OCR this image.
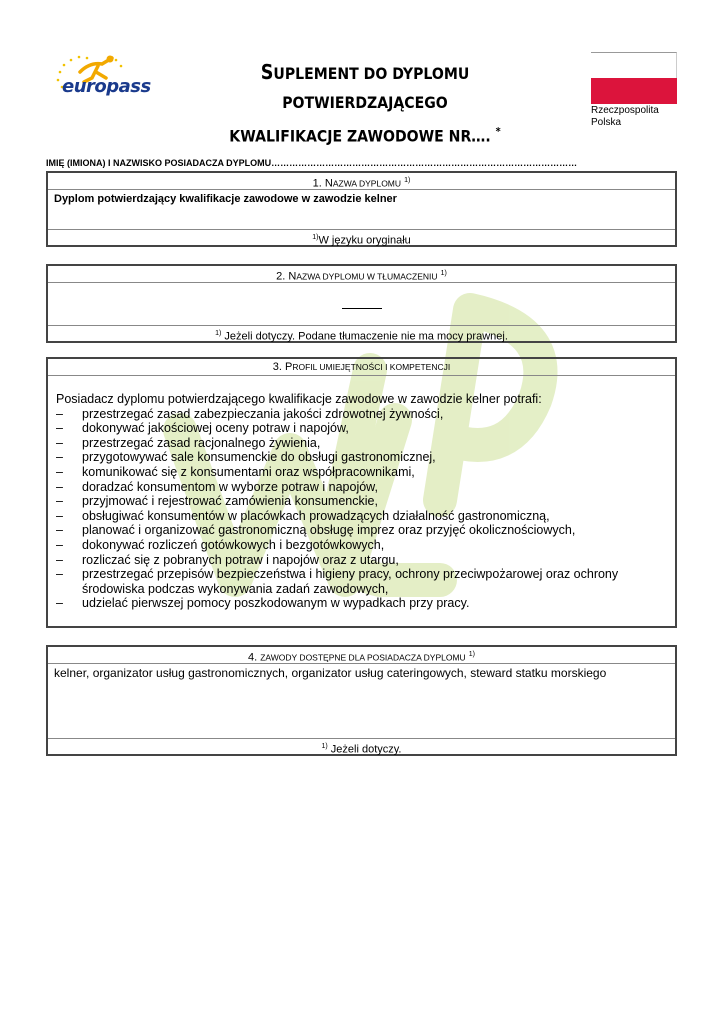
europass
SUPLEMENT DO DYPLOMU POTWIERDZAJĄCEGO
KWALIFIKACJE ZAWODOWE NR…. *
Rzeczpospolita
Polska
IMIĘ (IMIONA) I NAZWISKO POSIADACZA DYPLOMU…………………………………………………………………………………………
1. NAZWA DYPLOMU $^{1)}$
Dyplom potwierdzający kwalifikacje zawodowe w zawodzie kelner
$^{1)}$W języku oryginału
2. NAZWA DYPLOMU W TŁUMACZENIU $^{1)}$
$^{1)}$ Jeżeli dotyczy. Podane tłumaczenie nie ma mocy prawnej.
3. PROFIL UMIEJĘTNOŚCI I KOMPETENCJI
Posiadacz dyplomu potwierdzającego kwalifikacje zawodowe w zawodzie kelner potrafi:
– przestrzegać zasad zabezpieczania jakości zdrowotnej żywności,
– dokonywać jakościowej oceny potraw i napojów,
– przestrzegać zasad racjonalnego żywienia,
– przygotowywać sale konsumenckie do obsługi gastronomicznej,
– komunikować się z konsumentami oraz współpracownikami,
– doradzać konsumentom w wyborze potraw i napojów,
– przyjmować i rejestrować zamówienia konsumenckie,
– obsługiwać konsumentów w placówkach prowadzących działalność gastronomiczną,
– planować i organizować gastronomiczną obsługę imprez oraz przyjęć okolicznościowych,
– dokonywać rozliczeń gotówkowych i bezgotówkowych,
– rozliczać się z pobranych potraw i napojów oraz z utargu,
– przestrzegać przepisów bezpieczeństwa i higieny pracy, ochrony przeciwpożarowej oraz ochrony środowiska podczas wykonywania zadań zawodowych,
– udzielać pierwszej pomocy poszkodowanym w wypadkach przy pracy.
4. ZAWODY DOSTĘPNE DLA POSIADACZA DYPLOMU $^{1)}$
kelner, organizator usług gastronomicznych, organizator usług cateringowych, steward statku morskiego
$^{1)}$ Jeżeli dotyczy.
